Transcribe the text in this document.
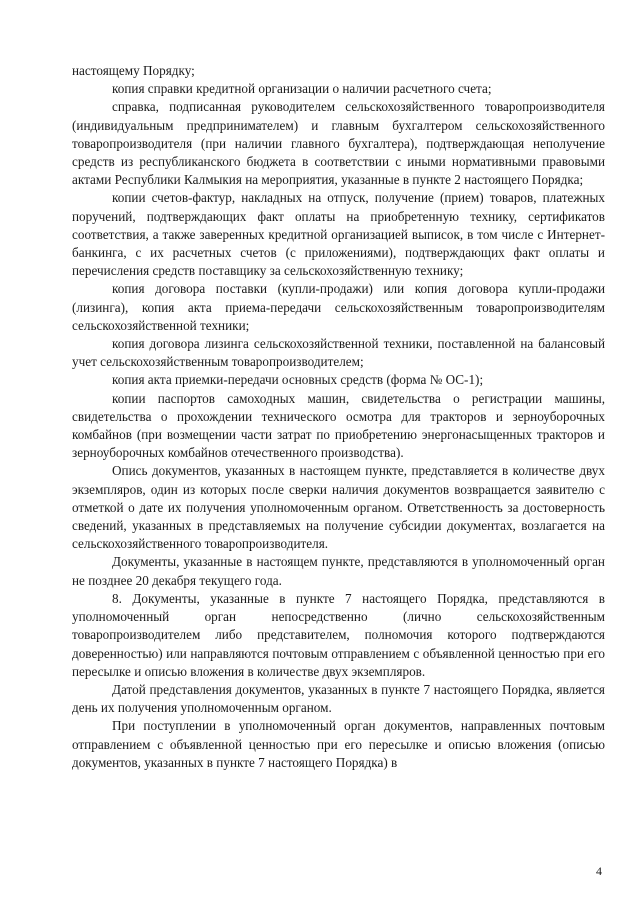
настоящему Порядку;

копия справки кредитной организации о наличии расчетного счета;

справка, подписанная руководителем сельскохозяйственного товаропроизводителя (индивидуальным предпринимателем) и главным бухгалтером сельскохозяйственного товаропроизводителя (при наличии главного бухгалтера), подтверждающая неполучение средств из республиканского бюджета в соответствии с иными нормативными правовыми актами Республики Калмыкия на мероприятия, указанные в пункте 2 настоящего Порядка;

копии счетов-фактур, накладных на отпуск, получение (прием) товаров, платежных поручений, подтверждающих факт оплаты на приобретенную технику, сертификатов соответствия, а также заверенных кредитной организацией выписок, в том числе с Интернет-банкинга, с их расчетных счетов (с приложениями), подтверждающих факт оплаты и перечисления средств поставщику за сельскохозяйственную технику;

копия договора поставки (купли-продажи) или копия договора купли-продажи (лизинга), копия акта приема-передачи сельскохозяйственным товаропроизводителям сельскохозяйственной техники;

копия договора лизинга сельскохозяйственной техники, поставленной на балансовый учет сельскохозяйственным товаропроизводителем;

копия акта приемки-передачи основных средств (форма № ОС-1);

копии паспортов самоходных машин, свидетельства о регистрации машины, свидетельства о прохождении технического осмотра для тракторов и зерноуборочных комбайнов (при возмещении части затрат по приобретению энергонасыщенных тракторов и зерноуборочных комбайнов отечественного производства).

Опись документов, указанных в настоящем пункте, представляется в количестве двух экземпляров, один из которых после сверки наличия документов возвращается заявителю с отметкой о дате их получения уполномоченным органом. Ответственность за достоверность сведений, указанных в представляемых на получение субсидии документах, возлагается на сельскохозяйственного товаропроизводителя.

Документы, указанные в настоящем пункте, представляются в уполномоченный орган не позднее 20 декабря текущего года.

8. Документы, указанные в пункте 7 настоящего Порядка, представляются в уполномоченный орган непосредственно (лично сельскохозяйственным товаропроизводителем либо представителем, полномочия которого подтверждаются доверенностью) или направляются почтовым отправлением с объявленной ценностью при его пересылке и описью вложения в количестве двух экземпляров.

Датой представления документов, указанных в пункте 7 настоящего Порядка, является день их получения уполномоченным органом.

При поступлении в уполномоченный орган документов, направленных почтовым отправлением с объявленной ценностью при его пересылке и описью вложения (описью документов, указанных в пункте 7 настоящего Порядка) в

4
